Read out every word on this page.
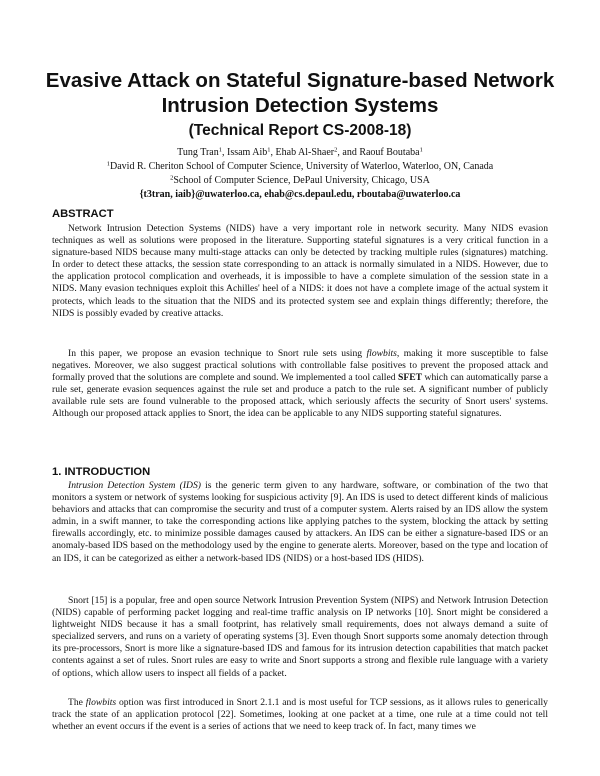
Evasive Attack on Stateful Signature-based Network
Intrusion Detection Systems
(Technical Report CS-2008-18)
Tung Tran$^1$, Issam Aib$^1$, Ehab Al-Shaer$^2$, and Raouf Boutaba$^1$
$^1$David R. Cheriton School of Computer Science, University of Waterloo, Waterloo, ON, Canada
$^2$School of Computer Science, DePaul University, Chicago, USA
{t3tran, iaib}@uwaterloo.ca, ehab@cs.depaul.edu, rboutaba@uwaterloo.ca
ABSTRACT

Network Intrusion Detection Systems (NIDS) have a very important role in network security. Many NIDS evasion techniques as well as solutions were proposed in the literature. Supporting stateful signatures is a very critical function in a signature-based NIDS because many multi-stage attacks can only be detected by tracking multiple rules (signatures) matching. In order to detect these attacks, the session state corresponding to an attack is normally simulated in a NIDS. However, due to the application protocol complication and overheads, it is impossible to have a complete simulation of the session state in a NIDS. Many evasion techniques exploit this Achilles' heel of a NIDS: it does not have a complete image of the actual system it protects, which leads to the situation that the NIDS and its protected system see and explain things differently; therefore, the NIDS is possibly evaded by creative attacks.

In this paper, we propose an evasion technique to Snort rule sets using flowbits, making it more susceptible to false negatives. Moreover, we also suggest practical solutions with controllable false positives to prevent the proposed attack and formally proved that the solutions are complete and sound. We implemented a tool called SFET which can automatically parse a rule set, generate evasion sequences against the rule set and produce a patch to the rule set. A significant number of publicly available rule sets are found vulnerable to the proposed attack, which seriously affects the security of Snort users' systems. Although our proposed attack applies to Snort, the idea can be applicable to any NIDS supporting stateful signatures.

1. INTRODUCTION

Intrusion Detection System (IDS) is the generic term given to any hardware, software, or combination of the two that monitors a system or network of systems looking for suspicious activity [9]. An IDS is used to detect different kinds of malicious behaviors and attacks that can compromise the security and trust of a computer system. Alerts raised by an IDS allow the system admin, in a swift manner, to take the corresponding actions like applying patches to the system, blocking the attack by setting firewalls accordingly, etc. to minimize possible damages caused by attackers. An IDS can be either a signature-based IDS or an anomaly-based IDS based on the methodology used by the engine to generate alerts. Moreover, based on the type and location of an IDS, it can be categorized as either a network-based IDS (NIDS) or a host-based IDS (HIDS).

Snort [15] is a popular, free and open source Network Intrusion Prevention System (NIPS) and Network Intrusion Detection (NIDS) capable of performing packet logging and real-time traffic analysis on IP networks [10]. Snort might be considered a lightweight NIDS because it has a small footprint, has relatively small requirements, does not always demand a suite of specialized servers, and runs on a variety of operating systems [3]. Even though Snort supports some anomaly detection through its pre-processors, Snort is more like a signature-based IDS and famous for its intrusion detection capabilities that match packet contents against a set of rules. Snort rules are easy to write and Snort supports a strong and flexible rule language with a variety of options, which allow users to inspect all fields of a packet.

The flowbits option was first introduced in Snort 2.1.1 and is most useful for TCP sessions, as it allows rules to generically track the state of an application protocol [22]. Sometimes, looking at one packet at a time, one rule at a time could not tell whether an event occurs if the event is a series of actions that we need to keep track of. In fact, many times we
